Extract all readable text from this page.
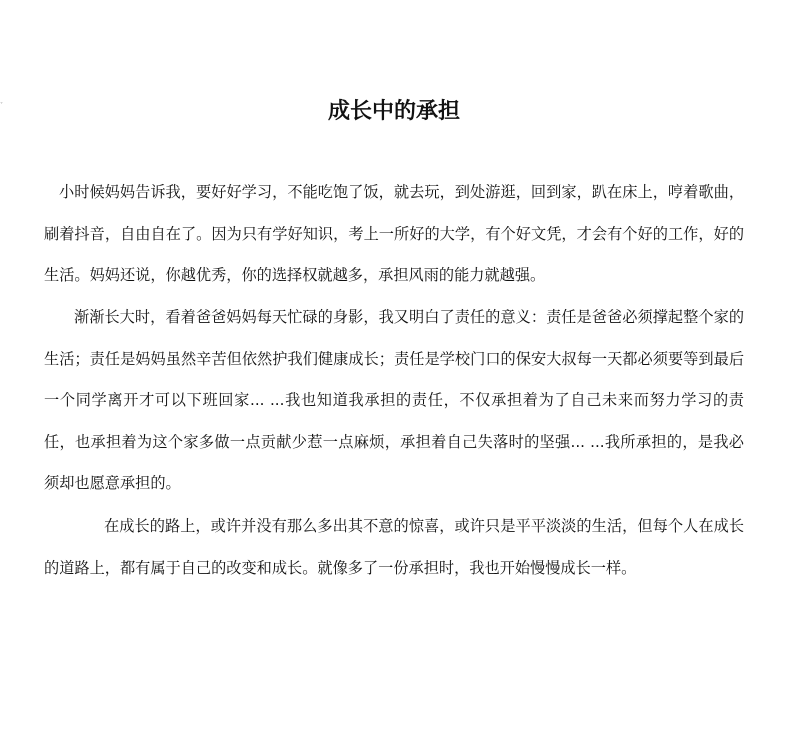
˅	成长中的承担

小时候妈妈告诉我，要好好学习，不能吃饱了饭，就去玩，到处游逛，回到家，趴在床上，哼着歌曲，刷着抖音，自由自在了。因为只有学好知识，考上一所好的大学，有个好文凭，才会有个好的工作，好的生活。妈妈还说，你越优秀，你的选择权就越多，承担风雨的能力就越强。

渐渐长大时，看着爸爸妈妈每天忙碌的身影，我又明白了责任的意义：责任是爸爸必须撑起整个家的生活；责任是妈妈虽然辛苦但依然护我们健康成长；责任是学校门口的保安大叔每一天都必须要等到最后一个同学离开才可以下班回家... ...我也知道我承担的责任，不仅承担着为了自己未来而努力学习的责任，也承担着为这个家多做一点贡献少惹一点麻烦，承担着自己失落时的坚强... ...我所承担的，是我必须却也愿意承担的。

在成长的路上，或许并没有那么多出其不意的惊喜，或许只是平平淡淡的生活，但每个人在成长的道路上，都有属于自己的改变和成长。就像多了一份承担时，我也开始慢慢成长一样。
